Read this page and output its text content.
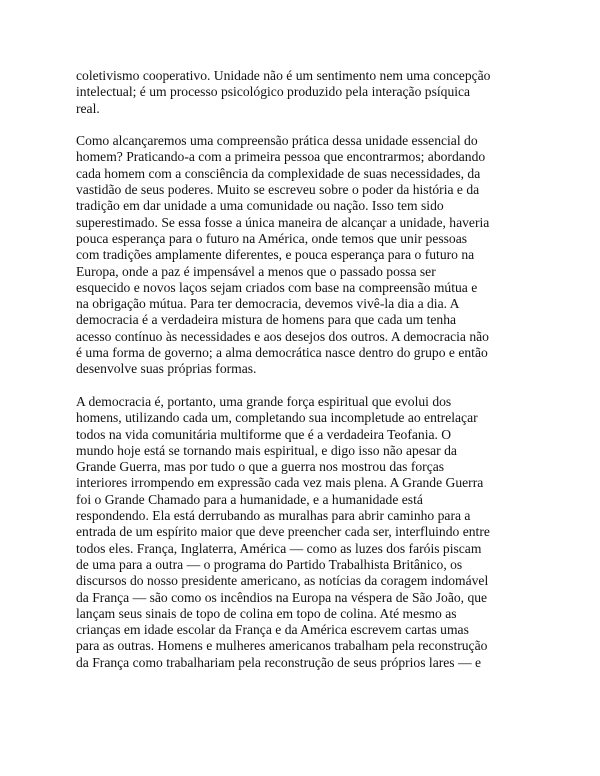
coletivismo cooperativo. Unidade não é um sentimento nem uma concepção
intelectual; é um processo psicológico produzido pela interação psíquica
real.
Como alcançaremos uma compreensão prática dessa unidade essencial do
homem? Praticando-a com a primeira pessoa que encontrarmos; abordando
cada homem com a consciência da complexidade de suas necessidades, da
vastidão de seus poderes. Muito se escreveu sobre o poder da história e da
tradição em dar unidade a uma comunidade ou nação. Isso tem sido
superestimado. Se essa fosse a única maneira de alcançar a unidade, haveria
pouca esperança para o futuro na América, onde temos que unir pessoas
com tradições amplamente diferentes, e pouca esperança para o futuro na
Europa, onde a paz é impensável a menos que o passado possa ser
esquecido e novos laços sejam criados com base na compreensão mútua e
na obrigação mútua. Para ter democracia, devemos vivê-la dia a dia. A
democracia é a verdadeira mistura de homens para que cada um tenha
acesso contínuo às necessidades e aos desejos dos outros. A democracia não
é uma forma de governo; a alma democrática nasce dentro do grupo e então
desenvolve suas próprias formas.
A democracia é, portanto, uma grande força espiritual que evolui dos
homens, utilizando cada um, completando sua incompletude ao entrelaçar
todos na vida comunitária multiforme que é a verdadeira Teofania. O
mundo hoje está se tornando mais espiritual, e digo isso não apesar da
Grande Guerra, mas por tudo o que a guerra nos mostrou das forças
interiores irrompendo em expressão cada vez mais plena. A Grande Guerra
foi o Grande Chamado para a humanidade, e a humanidade está
respondendo. Ela está derrubando as muralhas para abrir caminho para a
entrada de um espírito maior que deve preencher cada ser, interfluindo entre
todos eles. França, Inglaterra, América — como as luzes dos faróis piscam
de uma para a outra — o programa do Partido Trabalhista Britânico, os
discursos do nosso presidente americano, as notícias da coragem indomável
da França — são como os incêndios na Europa na véspera de São João, que
lançam seus sinais de topo de colina em topo de colina. Até mesmo as
crianças em idade escolar da França e da América escrevem cartas umas
para as outras. Homens e mulheres americanos trabalham pela reconstrução
da França como trabalhariam pela reconstrução de seus próprios lares — e
